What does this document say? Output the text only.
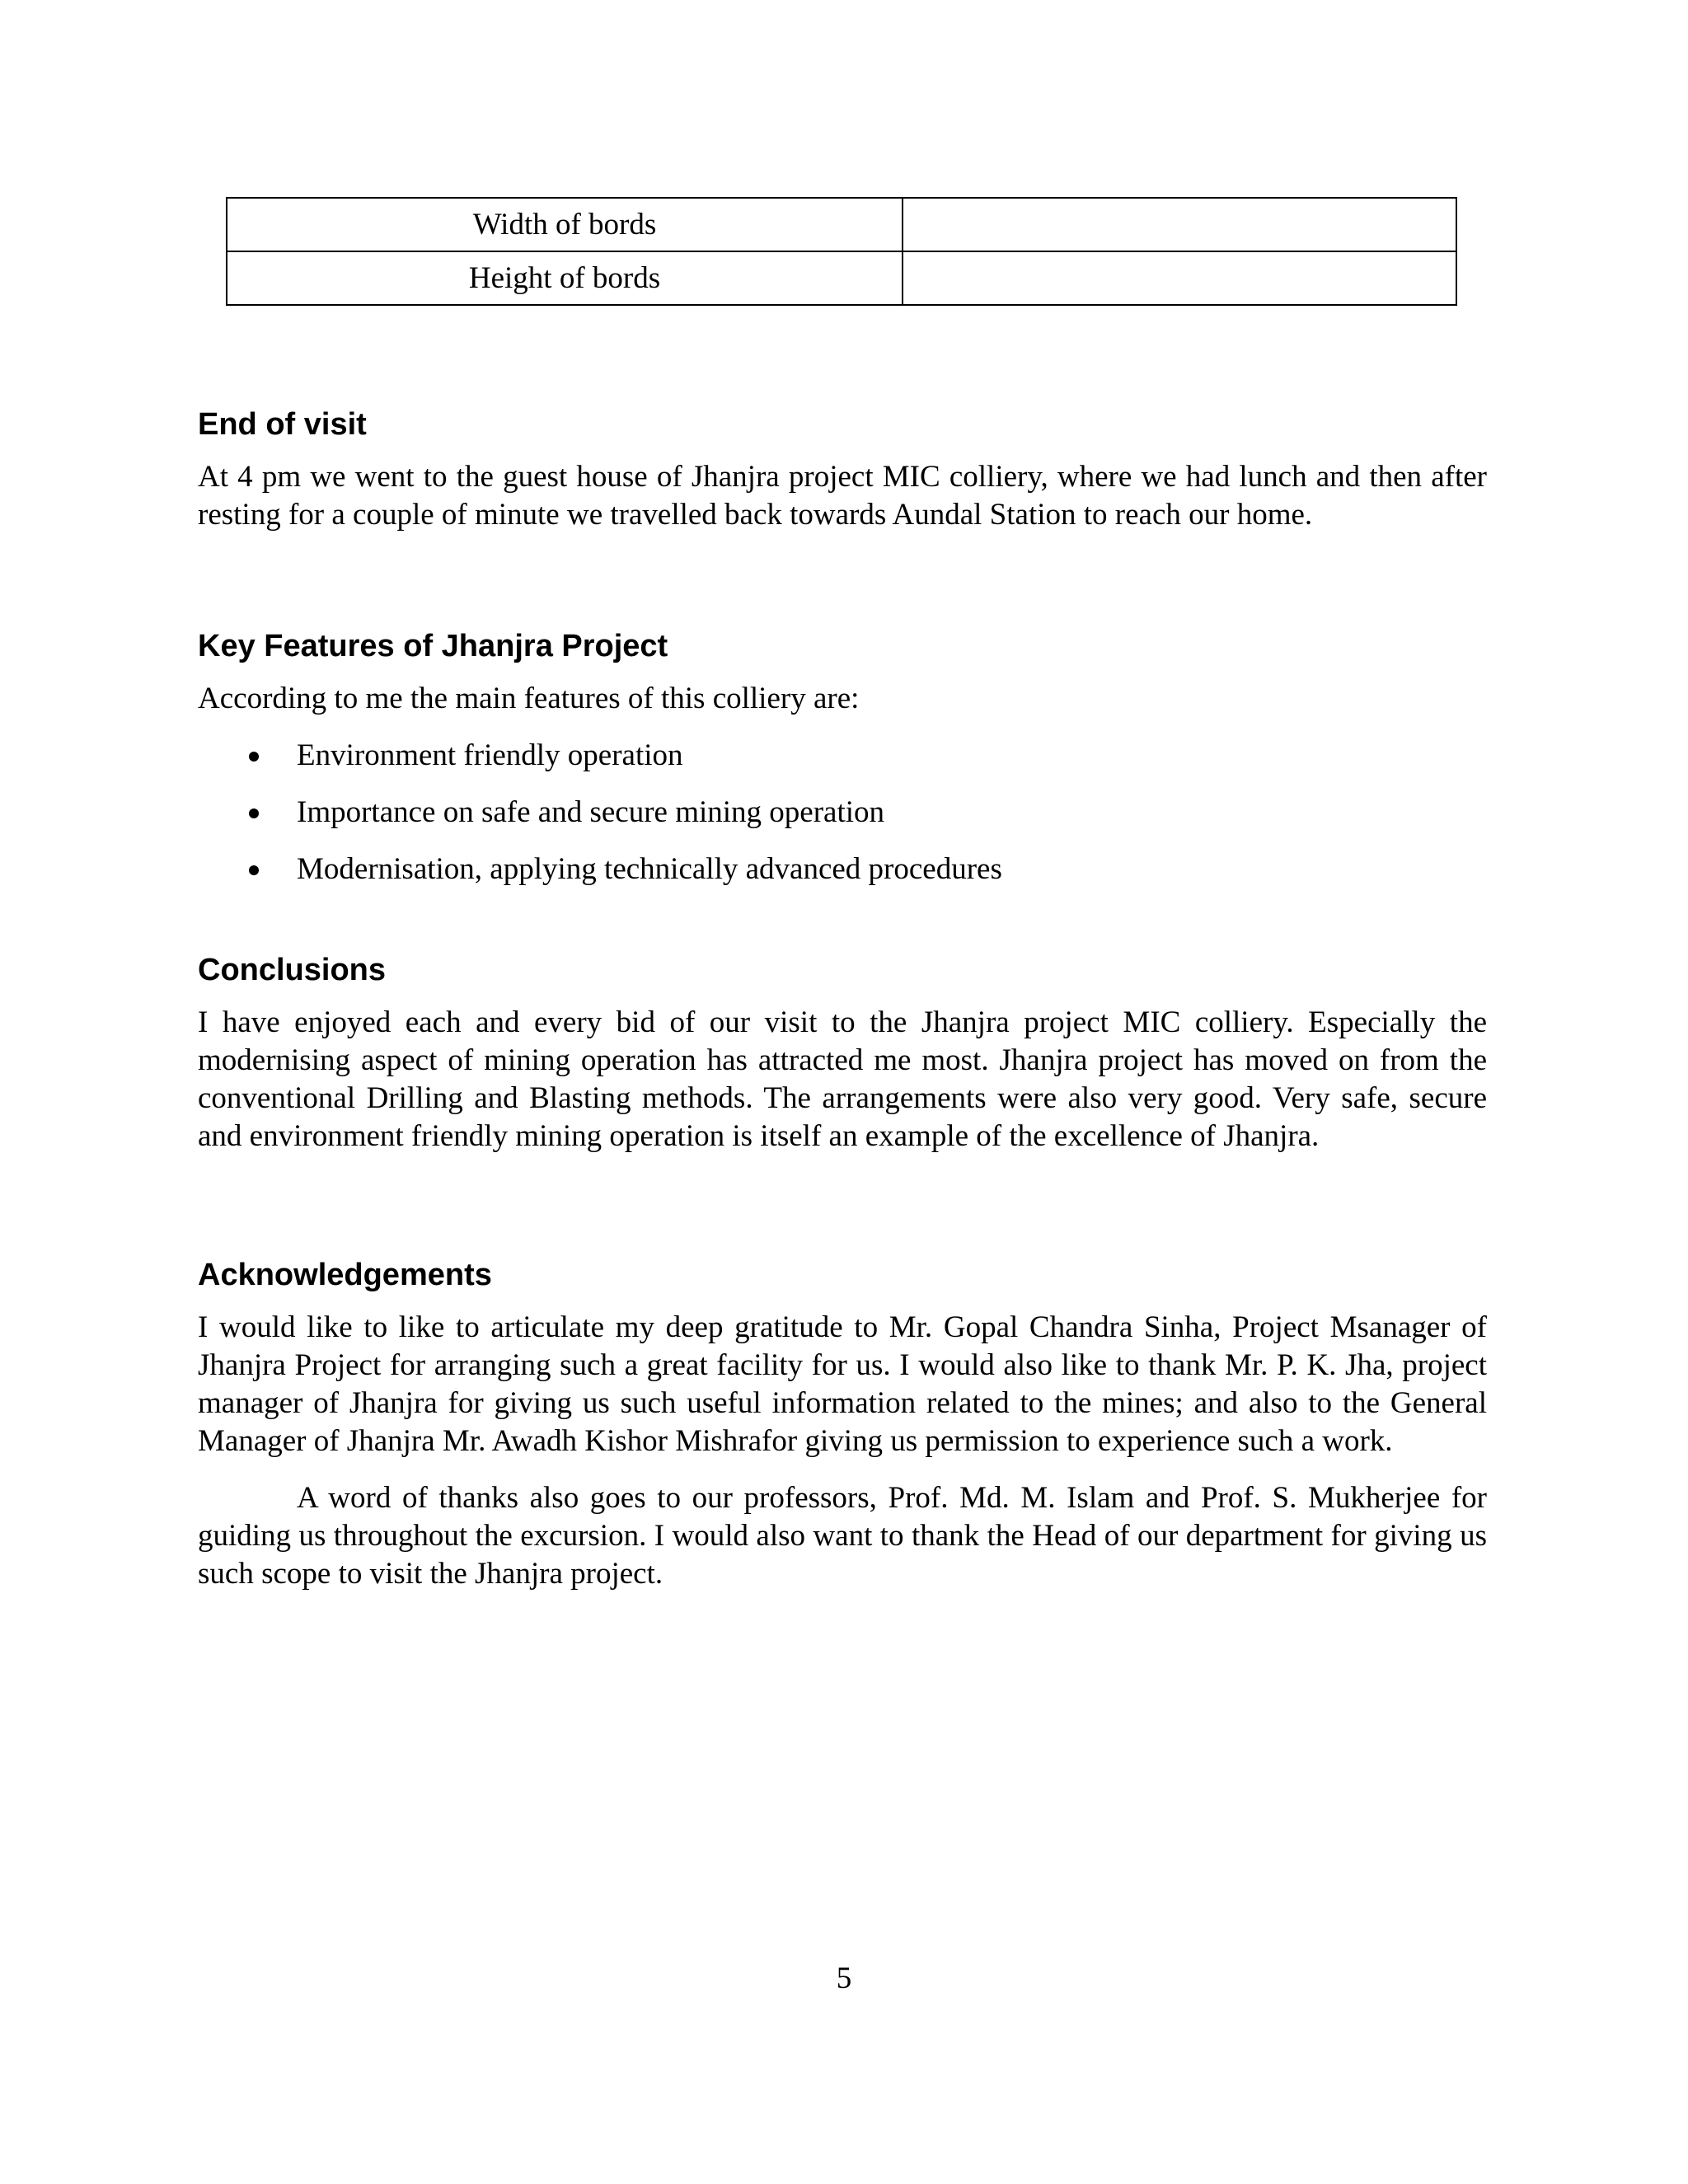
Width of bords	
Height of bords	
End of visit

At 4 pm we went to the guest house of Jhanjra project MIC colliery, where we had lunch and then after resting for a couple of minute we travelled back towards Aundal Station to reach our home.

Key Features of Jhanjra Project

According to me the main features of this colliery are:

Environment friendly operation
Importance on safe and secure mining operation
Modernisation, applying technically advanced procedures
Conclusions

I have enjoyed each and every bid of our visit to the Jhanjra project MIC colliery. Especially the modernising aspect of mining operation has attracted me most. Jhanjra project has moved on from the conventional Drilling and Blasting methods. The arrangements were also very good. Very safe, secure and environment friendly mining operation is itself an example of the excellence of Jhanjra.

Acknowledgements

I would like to like to articulate my deep gratitude to Mr. Gopal Chandra Sinha, Project Msanager of Jhanjra Project for arranging such a great facility for us. I would also like to thank Mr. P. K. Jha, project manager of Jhanjra for giving us such useful information related to the mines; and also to the General Manager of Jhanjra Mr. Awadh Kishor Mishrafor giving us permission to experience such a work.

A word of thanks also goes to our professors, Prof. Md. M. Islam and Prof. S. Mukherjee for guiding us throughout the excursion. I would also want to thank the Head of our department for giving us such scope to visit the Jhanjra project.

5
